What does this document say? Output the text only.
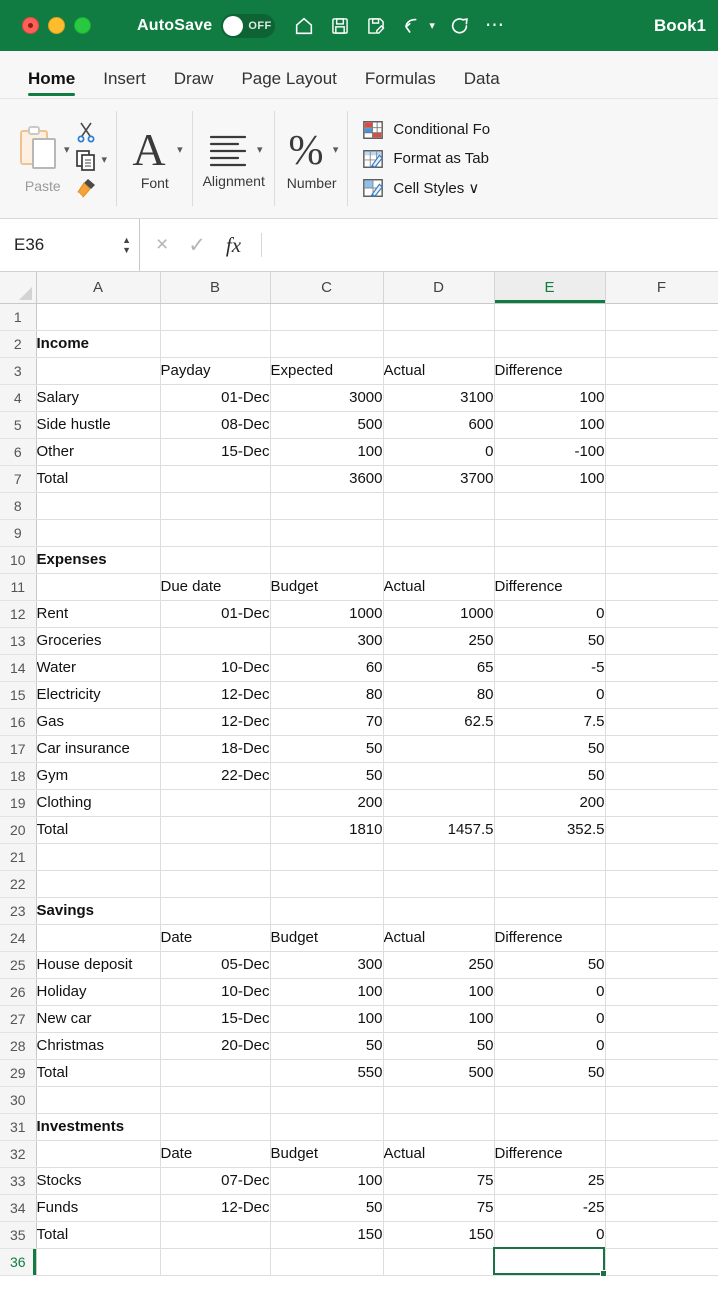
AutoSave	OFF	▾	⋯	Book1
Home	Insert	Draw	Page Layout	Formulas	Data
▾
Paste
▾ A ▾
Font
▾
Alignment
% ▾
Number
Conditional Fo
Format as Tab
Cell Styles ∨
E36	▲
▼ × ✓ fx
	A	B	C	D	E	F
1						
2	Income					
3		Payday	Expected	Actual	Difference	
4	Salary	01-Dec	3000	3100	100	
5	Side hustle	08-Dec	500	600	100	
6	Other	15-Dec	100	0	-100	
7	Total		3600	3700	100	
8						
9						
10	Expenses					
11		Due date	Budget	Actual	Difference	
12	Rent	01-Dec	1000	1000	0	
13	Groceries		300	250	50	
14	Water	10-Dec	60	65	-5	
15	Electricity	12-Dec	80	80	0	
16	Gas	12-Dec	70	62.5	7.5	
17	Car insurance	18-Dec	50		50	
18	Gym	22-Dec	50		50	
19	Clothing		200		200	
20	Total		1810	1457.5	352.5	
21						
22						
23	Savings					
24		Date	Budget	Actual	Difference	
25	House deposit	05-Dec	300	250	50	
26	Holiday	10-Dec	100	100	0	
27	New car	15-Dec	100	100	0	
28	Christmas	20-Dec	50	50	0	
29	Total		550	500	50	
30						
31	Investments					
32		Date	Budget	Actual	Difference	
33	Stocks	07-Dec	100	75	25	
34	Funds	12-Dec	50	75	-25	
35	Total		150	150	0	
36						
